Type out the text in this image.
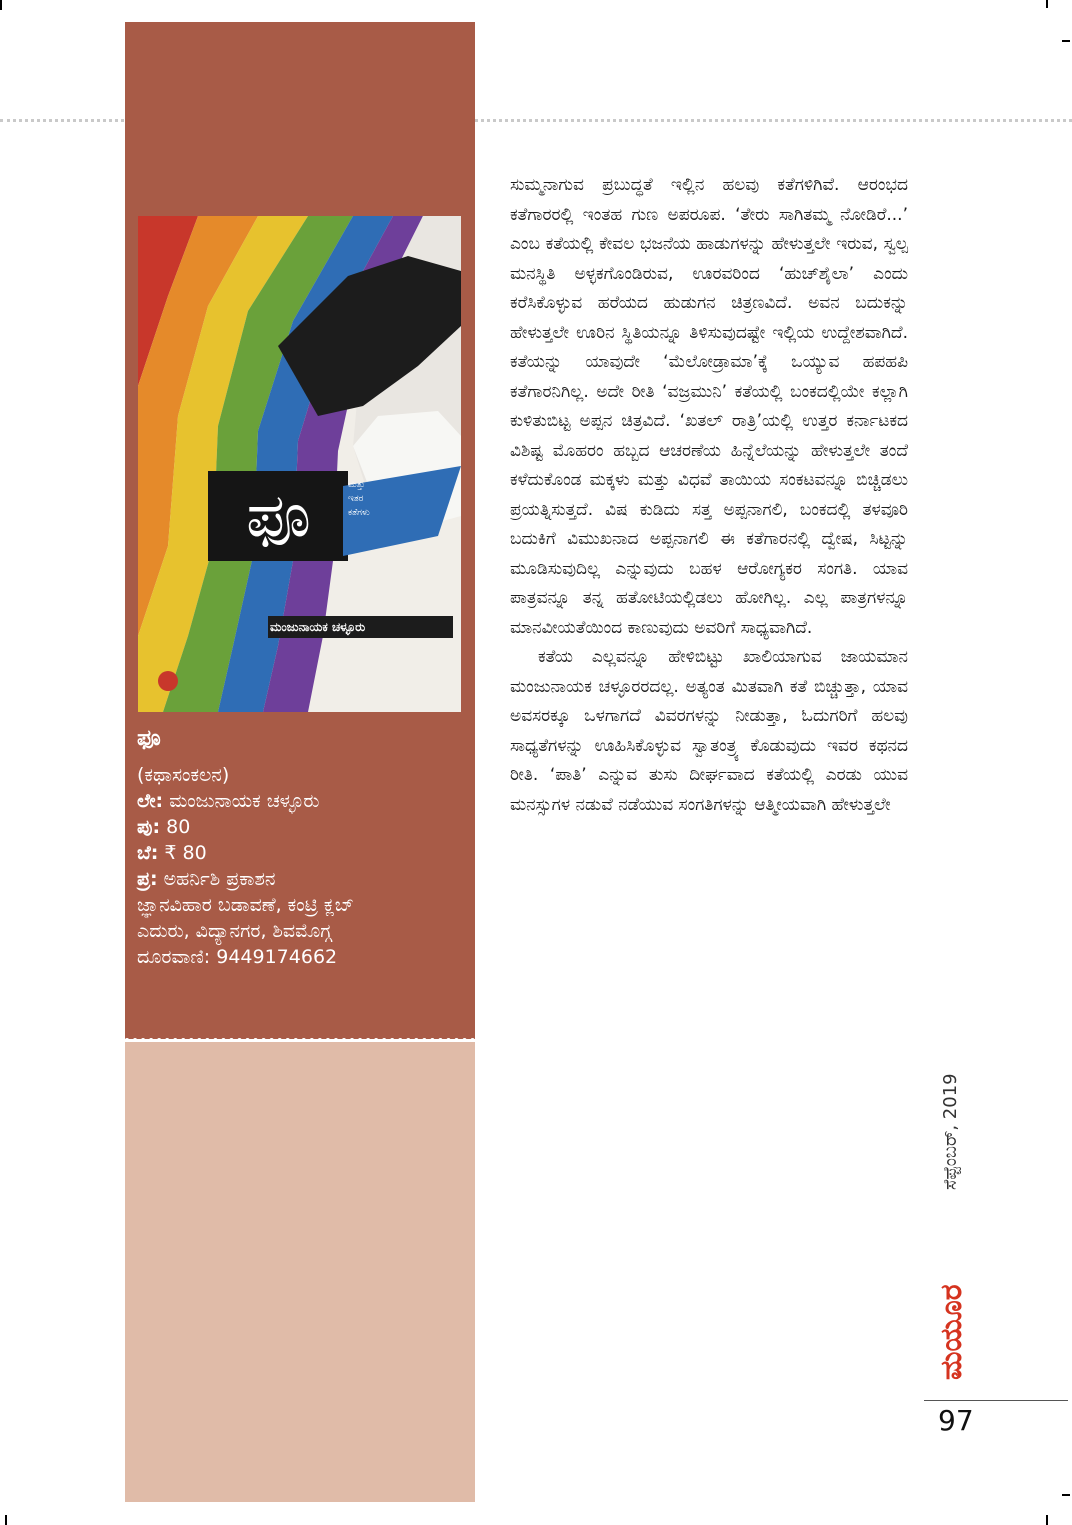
ಫೂ	ಮತ್ತು
ಇತರ
ಕತೆಗಳು
ಮಂಜುನಾಯಕ ಚಳ್ಳೂರು
ಫೂ
(ಕಥಾಸಂಕಲನ)
ಲೇ: ಮಂಜುನಾಯಕ ಚಳ್ಳೂರು
ಪು: 80
ಬೆ: ₹ 80
ಪ್ರ: ಅಹರ್ನಿಶಿ ಪ್ರಕಾಶನ
ಜ್ಞಾನವಿಹಾರ ಬಡಾವಣೆ, ಕಂಟ್ರಿ ಕ್ಲಬ್
ಎದುರು, ವಿದ್ಯಾನಗರ, ಶಿವಮೊಗ್ಗ
ದೂರವಾಣಿ: 9449174662

ಸುಮ್ಮನಾಗುವ ಪ್ರಬುದ್ಧತೆ ಇಲ್ಲಿನ ಹಲವು ಕತೆಗಳಿಗಿವೆ. ಆರಂಭದ ಕತೆಗಾರರಲ್ಲಿ ಇಂತಹ ಗುಣ ಅಪರೂಪ. ‘ತೇರು ಸಾಗಿತಮ್ಮ ನೋಡಿರೆ...’ ಎಂಬ ಕತೆಯಲ್ಲಿ ಕೇವಲ ಭಜನೆಯ ಹಾಡುಗಳನ್ನು ಹೇಳುತ್ತಲೇ ಇರುವ, ಸ್ವಲ್ಪ ಮನಸ್ಥಿತಿ ಅಳ್ಳಕಗೊಂಡಿರುವ, ಊರವರಿಂದ ‘ಹುಚ್‌ಶೈಲಾ’ ಎಂದು ಕರೆಸಿಕೊಳ್ಳುವ ಹರೆಯದ ಹುಡುಗನ ಚಿತ್ರಣವಿದೆ. ಅವನ ಬದುಕನ್ನು ಹೇಳುತ್ತಲೇ ಊರಿನ ಸ್ಥಿತಿಯನ್ನೂ ತಿಳಿಸುವುದಷ್ಟೇ ಇಲ್ಲಿಯ ಉದ್ದೇಶವಾಗಿದೆ. ಕತೆಯನ್ನು ಯಾವುದೇ ‘ಮೆಲೋಡ್ರಾಮಾ’ಕ್ಕೆ ಒಯ್ಯುವ ಹಪಹಪಿ ಕತೆಗಾರನಿಗಿಲ್ಲ. ಅದೇ ರೀತಿ ‘ವಜ್ರಮುನಿ’ ಕತೆಯಲ್ಲಿ ಬಂಕದಲ್ಲಿಯೇ ಕಲ್ಲಾಗಿ ಕುಳಿತುಬಿಟ್ಟ ಅಪ್ಪನ ಚಿತ್ರವಿದೆ. ‘ಖತಲ್ ರಾತ್ರಿ’ಯಲ್ಲಿ ಉತ್ತರ ಕರ್ನಾಟಕದ ವಿಶಿಷ್ಟ ಮೊಹರಂ ಹಬ್ಬದ ಆಚರಣೆಯ ಹಿನ್ನೆಲೆಯನ್ನು ಹೇಳುತ್ತಲೇ ತಂದೆ ಕಳೆದುಕೊಂಡ ಮಕ್ಕಳು ಮತ್ತು ವಿಧವೆ ತಾಯಿಯ ಸಂಕಟವನ್ನೂ ಬಿಚ್ಚಿಡಲು ಪ್ರಯತ್ನಿಸುತ್ತದೆ. ವಿಷ ಕುಡಿದು ಸತ್ತ ಅಪ್ಪನಾಗಲಿ, ಬಂಕದಲ್ಲಿ ತಳವೂರಿ ಬದುಕಿಗೆ ವಿಮುಖನಾದ ಅಪ್ಪನಾಗಲಿ ಈ ಕತೆಗಾರನಲ್ಲಿ ದ್ವೇಷ, ಸಿಟ್ಟನ್ನು ಮೂಡಿಸುವುದಿಲ್ಲ ಎನ್ನುವುದು ಬಹಳ ಆರೋಗ್ಯಕರ ಸಂಗತಿ. ಯಾವ ಪಾತ್ರವನ್ನೂ ತನ್ನ ಹತೋಟಿಯಲ್ಲಿಡಲು ಹೋಗಿಲ್ಲ. ಎಲ್ಲ ಪಾತ್ರಗಳನ್ನೂ ಮಾನವೀಯತೆಯಿಂದ ಕಾಣುವುದು ಅವರಿಗೆ ಸಾಧ್ಯವಾಗಿದೆ.

ಕತೆಯ ಎಲ್ಲವನ್ನೂ ಹೇಳಿಬಿಟ್ಟು ಖಾಲಿಯಾಗುವ ಜಾಯಮಾನ ಮಂಜುನಾಯಕ ಚಳ್ಳೂರರದಲ್ಲ. ಅತ್ಯಂತ ಮಿತವಾಗಿ ಕತೆ ಬಿಚ್ಚುತ್ತಾ, ಯಾವ ಅವಸರಕ್ಕೂ ಒಳಗಾಗದೆ ವಿವರಗಳನ್ನು ನೀಡುತ್ತಾ, ಓದುಗರಿಗೆ ಹಲವು ಸಾಧ್ಯತೆಗಳನ್ನು ಊಹಿಸಿಕೊಳ್ಳುವ ಸ್ವಾತಂತ್ರ್ಯ ಕೊಡುವುದು ಇವರ ಕಥನದ ರೀತಿ. ‘ಪಾತಿ’ ಎನ್ನುವ ತುಸು ದೀರ್ಘವಾದ ಕತೆಯಲ್ಲಿ ಎರಡು ಯುವ ಮನಸ್ಸುಗಳ ನಡುವೆ ನಡೆಯುವ ಸಂಗತಿಗಳನ್ನು ಆತ್ಮೀಯವಾಗಿ ಹೇಳುತ್ತಲೇ

ಸೆಪ್ಟೆಂಬರ್, 2019
ಮಯೂರ
97
